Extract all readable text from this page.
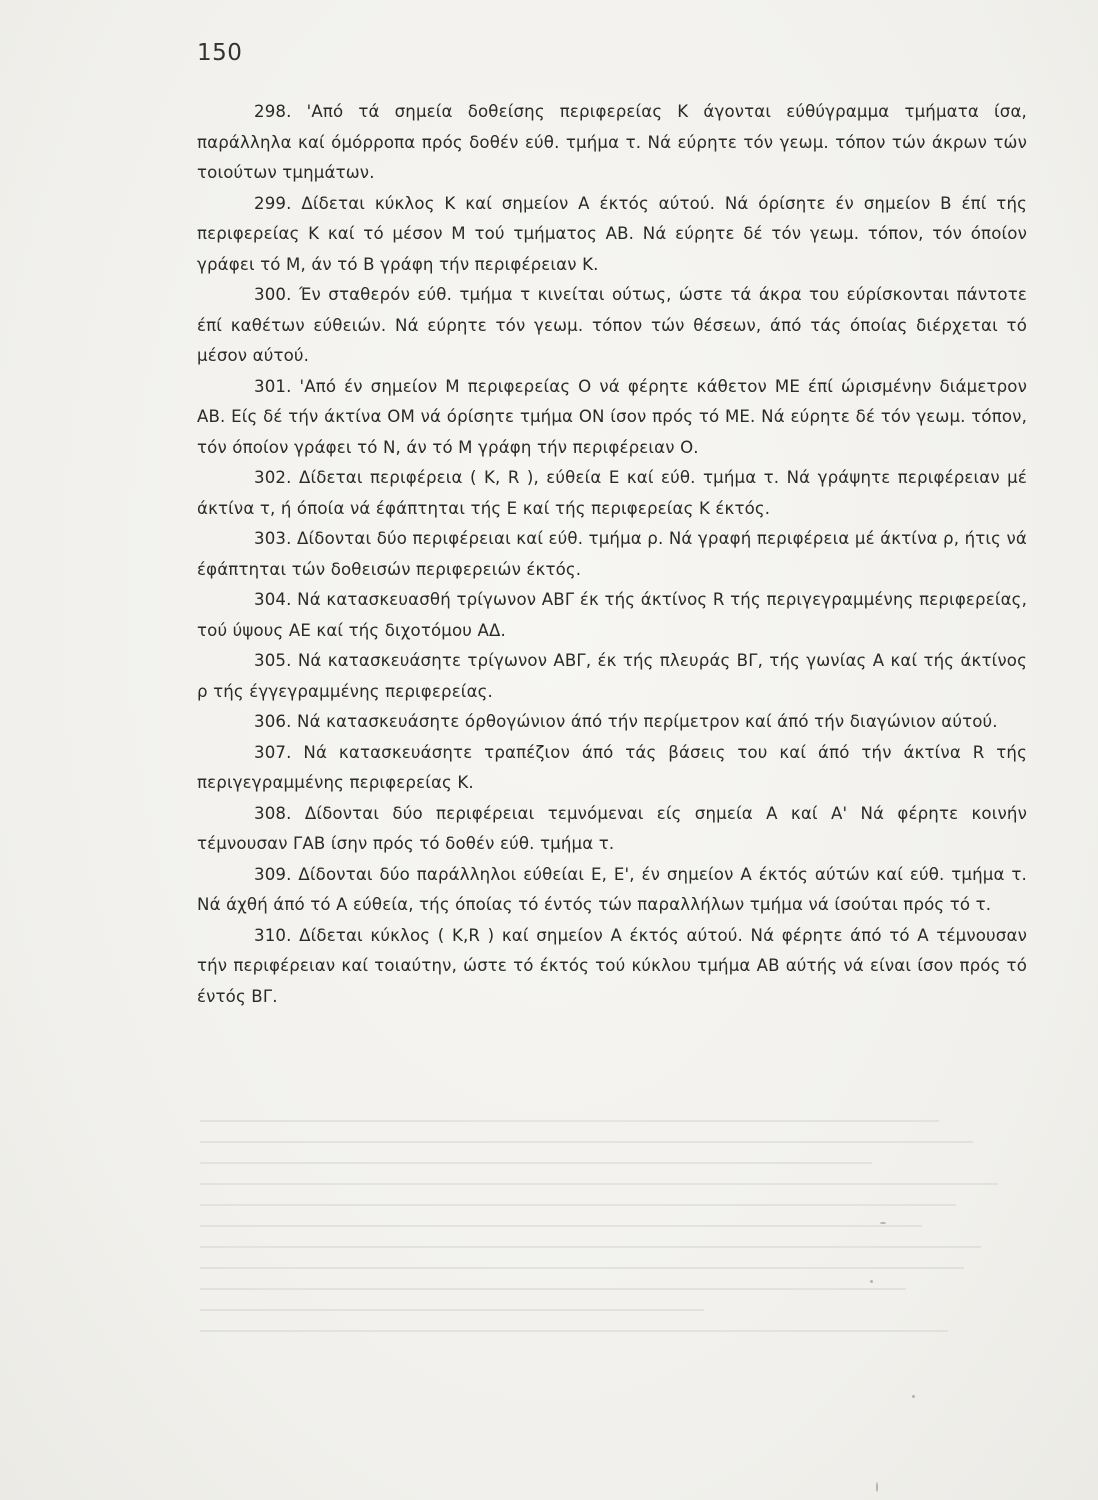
150

298. 'Από τά σημεία δοθείσης περιφερείας Κ άγονται εύθύγραμμα τμήματα ίσα, παράλληλα καί όμόρροπα πρός δοθέν εύθ. τμήμα τ. Νά εύρητε τόν γεωμ. τόπον τών άκρων τών τοιούτων τμημάτων.

299. Δίδεται κύκλος Κ καί σημείον Α έκτός αύτού. Νά όρίσητε έν σημείον Β έπί τής περιφερείας Κ καί τό μέσον Μ τού τμήματος ΑΒ. Νά εύρητε δέ τόν γεωμ. τόπον, τόν όποίον γράφει τό Μ, άν τό Β γράφη τήν περιφέρειαν Κ.

300. Έν σταθερόν εύθ. τμήμα τ κινείται ούτως, ώστε τά άκρα του εύρίσκονται πάντοτε έπί καθέτων εύθειών. Νά εύρητε τόν γεωμ. τόπον τών θέσεων, άπό τάς όποίας διέρχεται τό μέσον αύτού.

301. 'Από έν σημείον Μ περιφερείας Ο νά φέρητε κάθετον ΜΕ έπί ώρισμένην διάμετρον ΑΒ. Είς δέ τήν άκτίνα ΟΜ νά όρίσητε τμήμα ΟΝ ίσον πρός τό ΜΕ. Νά εύρητε δέ τόν γεωμ. τόπον, τόν όποίον γράφει τό Ν, άν τό Μ γράφη τήν περιφέρειαν Ο.

302. Δίδεται περιφέρεια ( Κ, R ), εύθεία Ε καί εύθ. τμήμα τ. Νά γράψητε περιφέρειαν μέ άκτίνα τ, ή όποία νά έφάπτηται τής Ε καί τής περιφερείας Κ έκτός.

303. Δίδονται δύο περιφέρειαι καί εύθ. τμήμα ρ. Νά γραφή περιφέρεια μέ άκτίνα ρ, ήτις νά έφάπτηται τών δοθεισών περιφερειών έκτός.

304. Νά κατασκευασθή τρίγωνον ΑΒΓ έκ τής άκτίνος R τής περιγεγραμμένης περιφερείας, τού ύψους ΑΕ καί τής διχοτόμου ΑΔ.

305. Νά κατασκευάσητε τρίγωνον ΑΒΓ, έκ τής πλευράς ΒΓ, τής γωνίας Α καί τής άκτίνος ρ τής έγγεγραμμένης περιφερείας.

306. Νά κατασκευάσητε όρθογώνιον άπό τήν περίμετρον καί άπό τήν διαγώνιον αύτού.

307. Νά κατασκευάσητε τραπέζιον άπό τάς βάσεις του καί άπό τήν άκτίνα R τής περιγεγραμμένης περιφερείας Κ.

308. Δίδονται δύο περιφέρειαι τεμνόμεναι είς σημεία Α καί Α' Νά φέρητε κοινήν τέμνουσαν ΓΑΒ ίσην πρός τό δοθέν εύθ. τμήμα τ.

309. Δίδονται δύο παράλληλοι εύθείαι Ε, Ε', έν σημείον Α έκτός αύτών καί εύθ. τμήμα τ. Νά άχθή άπό τό Α εύθεία, τής όποίας τό έντός τών παραλλήλων τμήμα νά ίσούται πρός τό τ.

310. Δίδεται κύκλος ( Κ,R ) καί σημείον Α έκτός αύτού. Νά φέρητε άπό τό Α τέμνουσαν τήν περιφέρειαν καί τοιαύτην, ώστε τό έκτός τού κύκλου τμήμα ΑΒ αύτής νά είναι ίσον πρός τό έντός ΒΓ.
